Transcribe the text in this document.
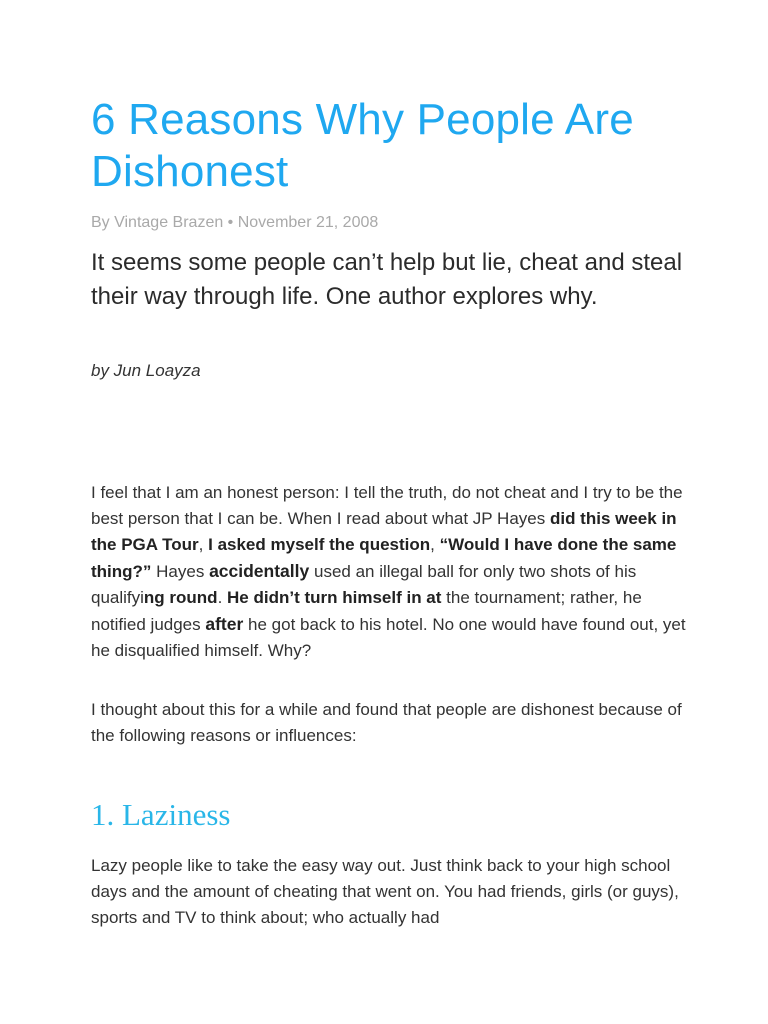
6 Reasons Why People Are Dishonest
By Vintage Brazen • November 21, 2008

It seems some people can’t help but lie, cheat and steal their way through life. One author explores why.

by Jun Loayza

I feel that I am an honest person: I tell the truth, do not cheat and I try to be the best person that I can be. When I read about what JP Hayes did this week in the PGA Tour, I asked myself the question, “Would I have done the same thing?” Hayes accidentally used an illegal ball for only two shots of his qualifying round. He didn’t turn himself in at the tournament; rather, he notified judges after he got back to his hotel. No one would have found out, yet he disqualified himself. Why?

I thought about this for a while and found that people are dishonest because of the following reasons or influences:

1. Laziness

Lazy people like to take the easy way out. Just think back to your high school days and the amount of cheating that went on. You had friends, girls (or guys), sports and TV to think about; who actually had
